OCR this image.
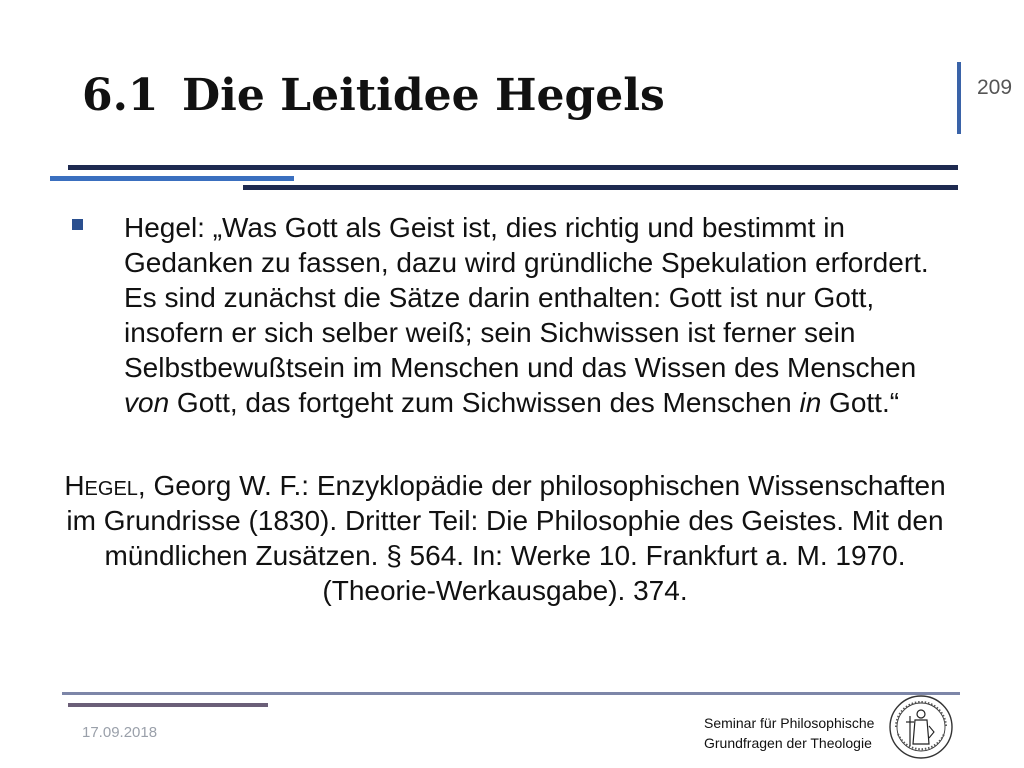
6.1 Die Leitidee Hegels	209

Hegel: „Was Gott als Geist ist, dies richtig und bestimmt in Gedanken zu fassen, dazu wird gründliche Spekulation erfordert. Es sind zunächst die Sätze darin enthalten: Gott ist nur Gott, insofern er sich selber weiß; sein Sichwissen ist ferner sein Selbstbewußtsein im Menschen und das Wissen des Menschen von Gott, das fortgeht zum Sichwissen des Menschen in Gott.“

Hegel, Georg W. F.: Enzyklopädie der philosophischen Wissenschaften im Grundrisse (1830). Dritter Teil: Die Philosophie des Geistes. Mit den mündlichen Zusätzen. § 564. In: Werke 10. Frankfurt a. M. 1970. (Theorie-Werkausgabe). 374.

17.09.2018
Seminar für Philosophische
Grundfragen der Theologie
